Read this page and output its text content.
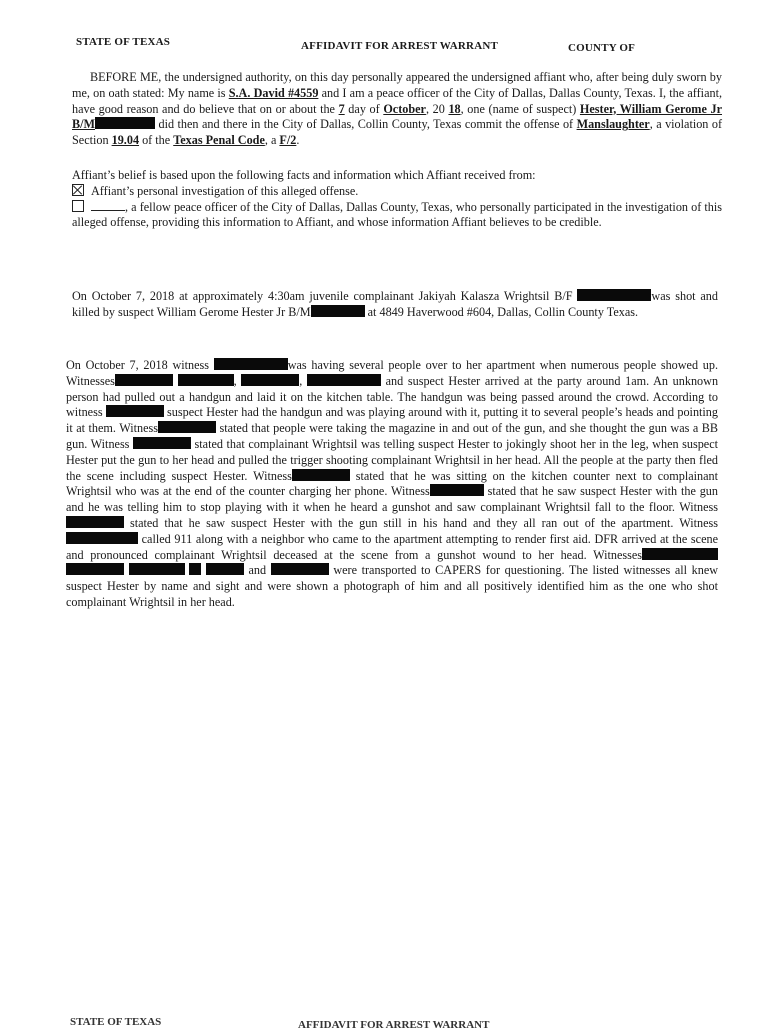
STATE OF TEXAS	AFFIDAVIT FOR ARREST WARRANT	COUNTY OF
BEFORE ME, the undersigned authority, on this day personally appeared the undersigned affiant who, after being duly sworn by me, on oath stated: My name is S.A. David #4559 and I am a peace officer of the City of Dallas, Dallas County, Texas. I, the affiant, have good reason and do believe that on or about the 7 day of October, 20 18, one (name of suspect) Hester, William Gerome Jr B/M	did then and there in the City of Dallas, Collin County, Texas commit the offense of Manslaughter, a violation of Section 19.04 of the Texas Penal Code, a F/2.
Affiant’s belief is based upon the following facts and information which Affiant received from:
Affiant’s personal investigation of this alleged offense.
, a fellow peace officer of the City of Dallas, Dallas County, Texas, who personally participated in the investigation of this alleged offense, providing this information to Affiant, and whose information Affiant believes to be credible.
On October 7, 2018 at approximately 4:30am juvenile complainant Jakiyah Kalasza Wrightsil B/F	was shot and killed by suspect William Gerome Hester Jr B/M	at 4849 Haverwood #604, Dallas, Collin County Texas.
On October 7, 2018 witness	was having several people over to her apartment when numerous people showed up. Witnesses	,	,	and suspect Hester arrived at the party around 1am. An unknown person had pulled out a handgun and laid it on the kitchen table. The handgun was being passed around the crowd. According to witness	suspect Hester had the handgun and was playing around with it, putting it to several people’s heads and pointing it at them. Witness	stated that people were taking the magazine in and out of the gun, and she thought the gun was a BB gun. Witness	stated that complainant Wrightsil was telling suspect Hester to jokingly shoot her in the leg, when suspect Hester put the gun to her head and pulled the trigger shooting complainant Wrightsil in her head. All the people at the party then fled the scene including suspect Hester. Witness	stated that he was sitting on the kitchen counter next to complainant Wrightsil who was at the end of the counter charging her phone. Witness	stated that he saw suspect Hester with the gun and he was telling him to stop playing with it when he heard a gunshot and saw complainant Wrightsil fall to the floor. Witness stated that he saw suspect Hester with the gun still in his hand and they all ran out of the apartment. Witness  called 911 along with a neighbor who came to the apartment attempting to render first aid. DFR arrived at the scene and pronounced complainant Wrightsil deceased at the scene from a gunshot wound to her head. Witnesses     and	were transported to CAPERS for questioning. The listed witnesses all knew suspect Hester by name and sight and were shown a photograph of him and all positively identified him as the one who shot complainant Wrightsil in her head.
STATE OF TEXAS	AFFIDAVIT FOR ARREST WARRANT
